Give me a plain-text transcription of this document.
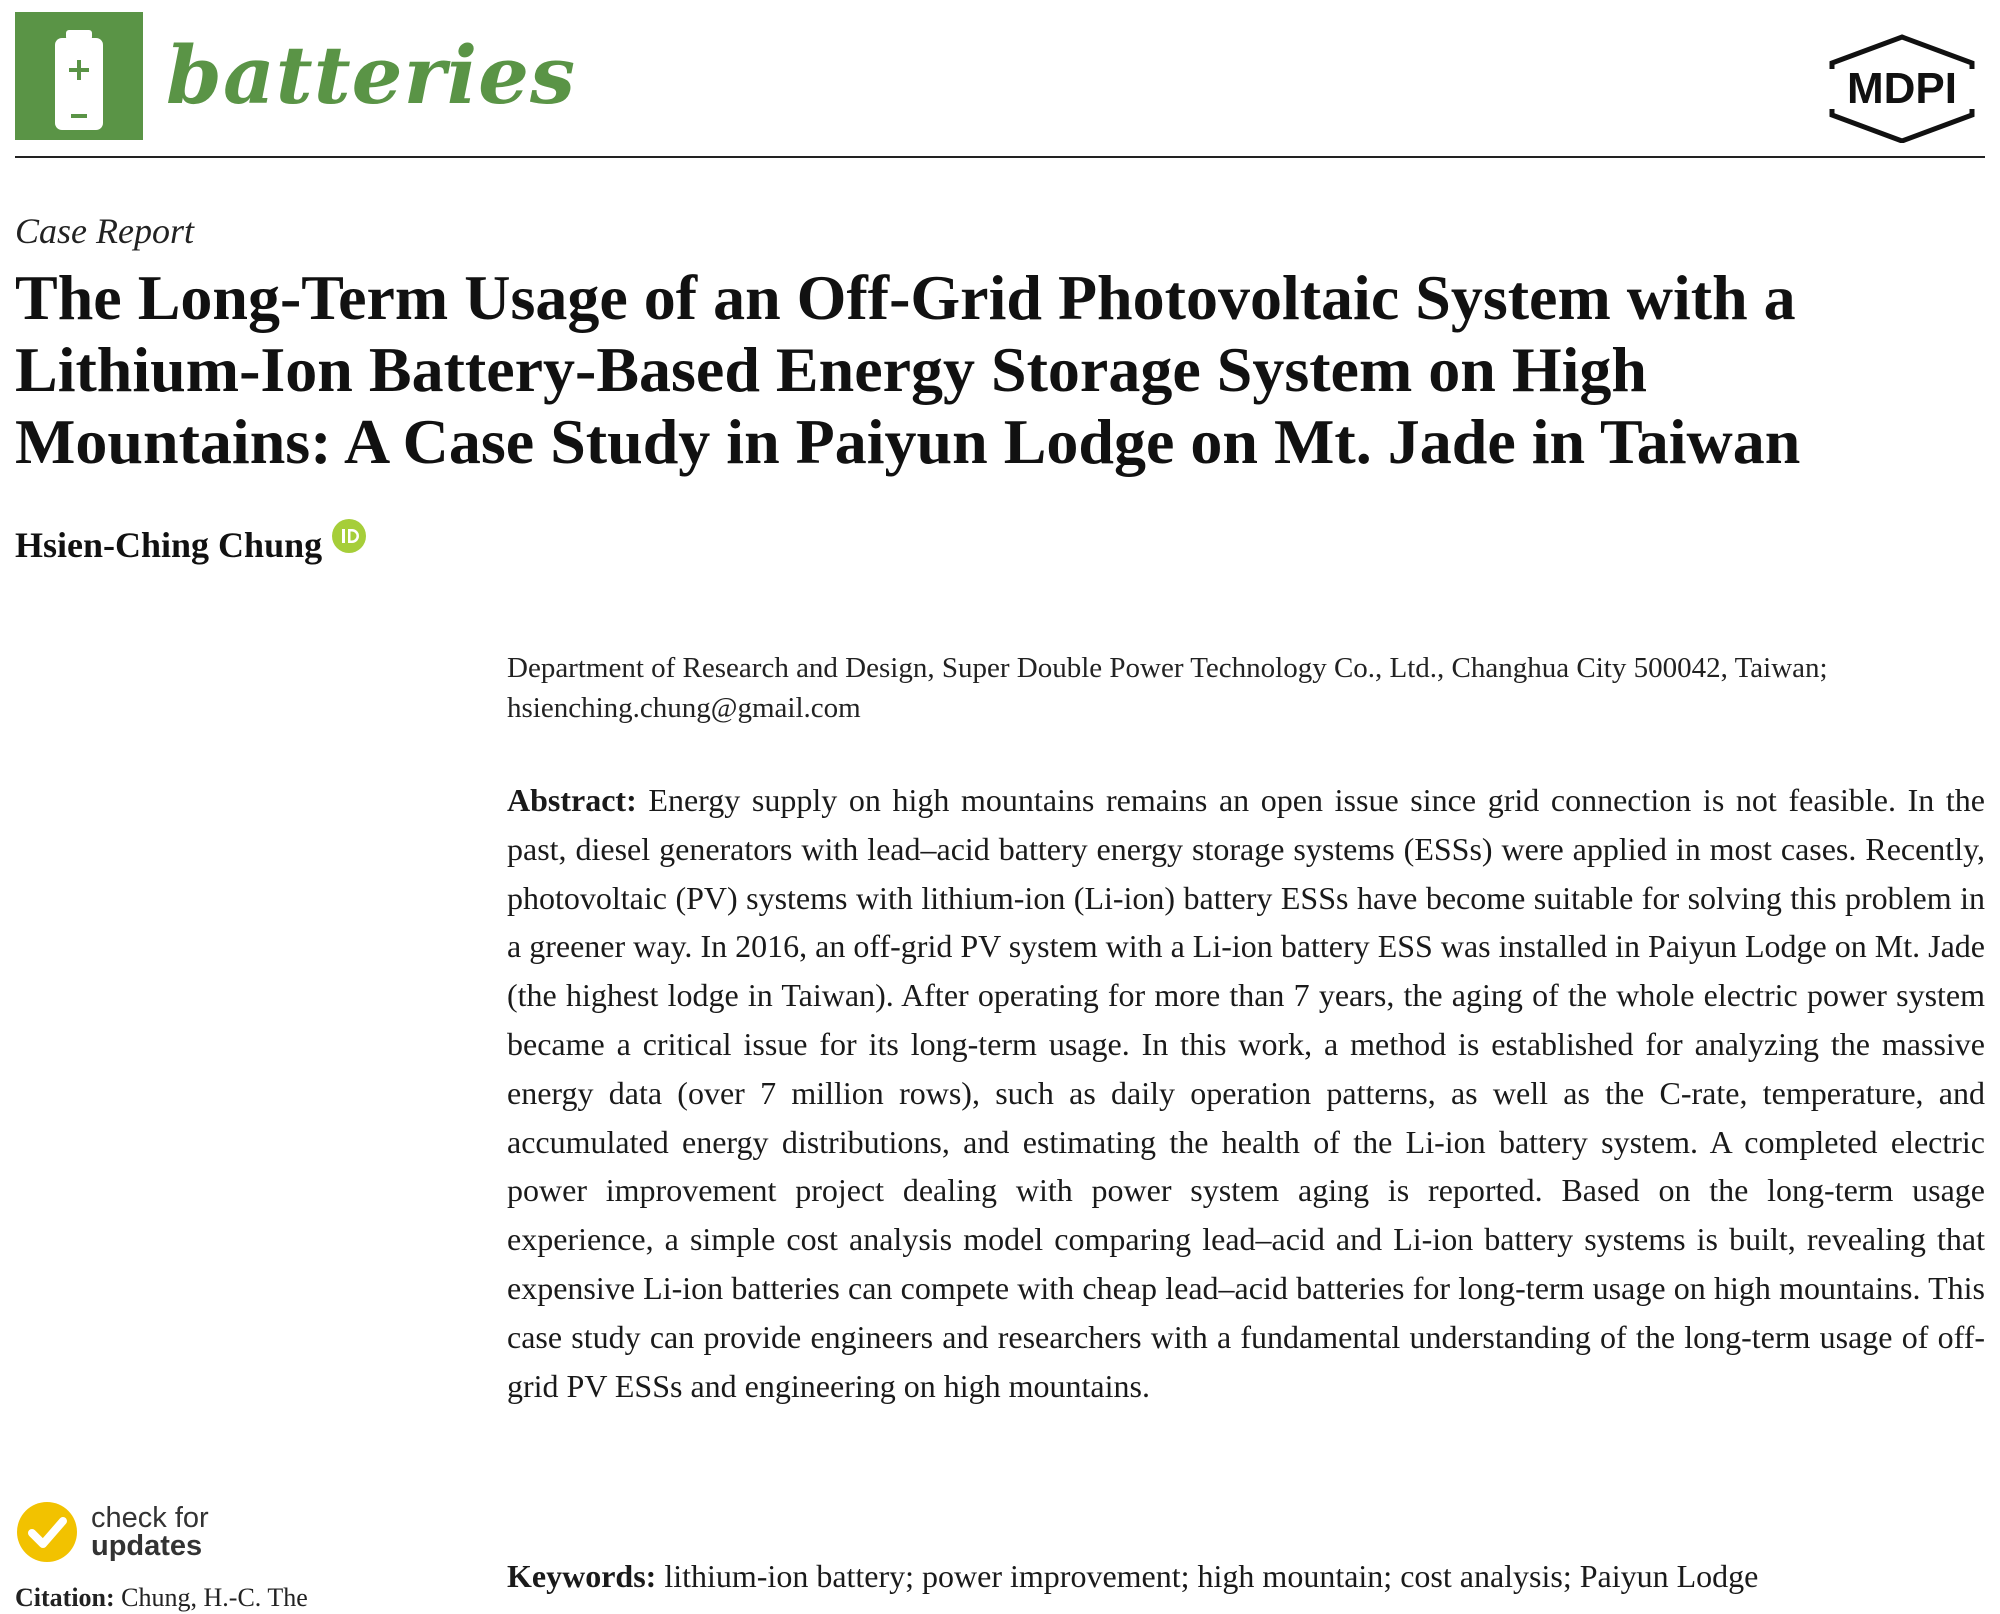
batteries	MDPI
Case Report
The Long-Term Usage of an Off-Grid Photovoltaic System with a
Lithium-Ion Battery-Based Energy Storage System on High
Mountains: A Case Study in Paiyun Lodge on Mt. Jade in Taiwan
Hsien-Ching Chung
Department of Research and Design, Super Double Power Technology Co., Ltd., Changhua City 500042, Taiwan; hsienching.chung@gmail.com
Abstract: Energy supply on high mountains remains an open issue since grid connection is not feasible. In the past, diesel generators with lead–acid battery energy storage systems (ESSs) were applied in most cases. Recently, photovoltaic (PV) systems with lithium-ion (Li-ion) battery ESSs have become suitable for solving this problem in a greener way. In 2016, an off-grid PV system with a Li-ion battery ESS was installed in Paiyun Lodge on Mt. Jade (the highest lodge in Taiwan). After operating for more than 7 years, the aging of the whole electric power system became a critical issue for its long-term usage. In this work, a method is established for analyzing the massive energy data (over 7 million rows), such as daily operation patterns, as well as the C-rate, temperature, and accumulated energy distributions, and estimating the health of the Li-ion battery system. A completed electric power improvement project dealing with power system aging is reported. Based on the long-term usage experience, a simple cost analysis model comparing lead–acid and Li-ion battery systems is built, revealing that expensive Li-ion batteries can compete with cheap lead–acid batteries for long-term usage on high mountains. This case study can provide engineers and researchers with a fundamental understanding of the long-term usage of off-grid PV ESSs and engineering on high mountains.
Keywords: lithium-ion battery; power improvement; high mountain; cost analysis; Paiyun Lodge
check for
updates
Citation: Chung, H.-C. The
